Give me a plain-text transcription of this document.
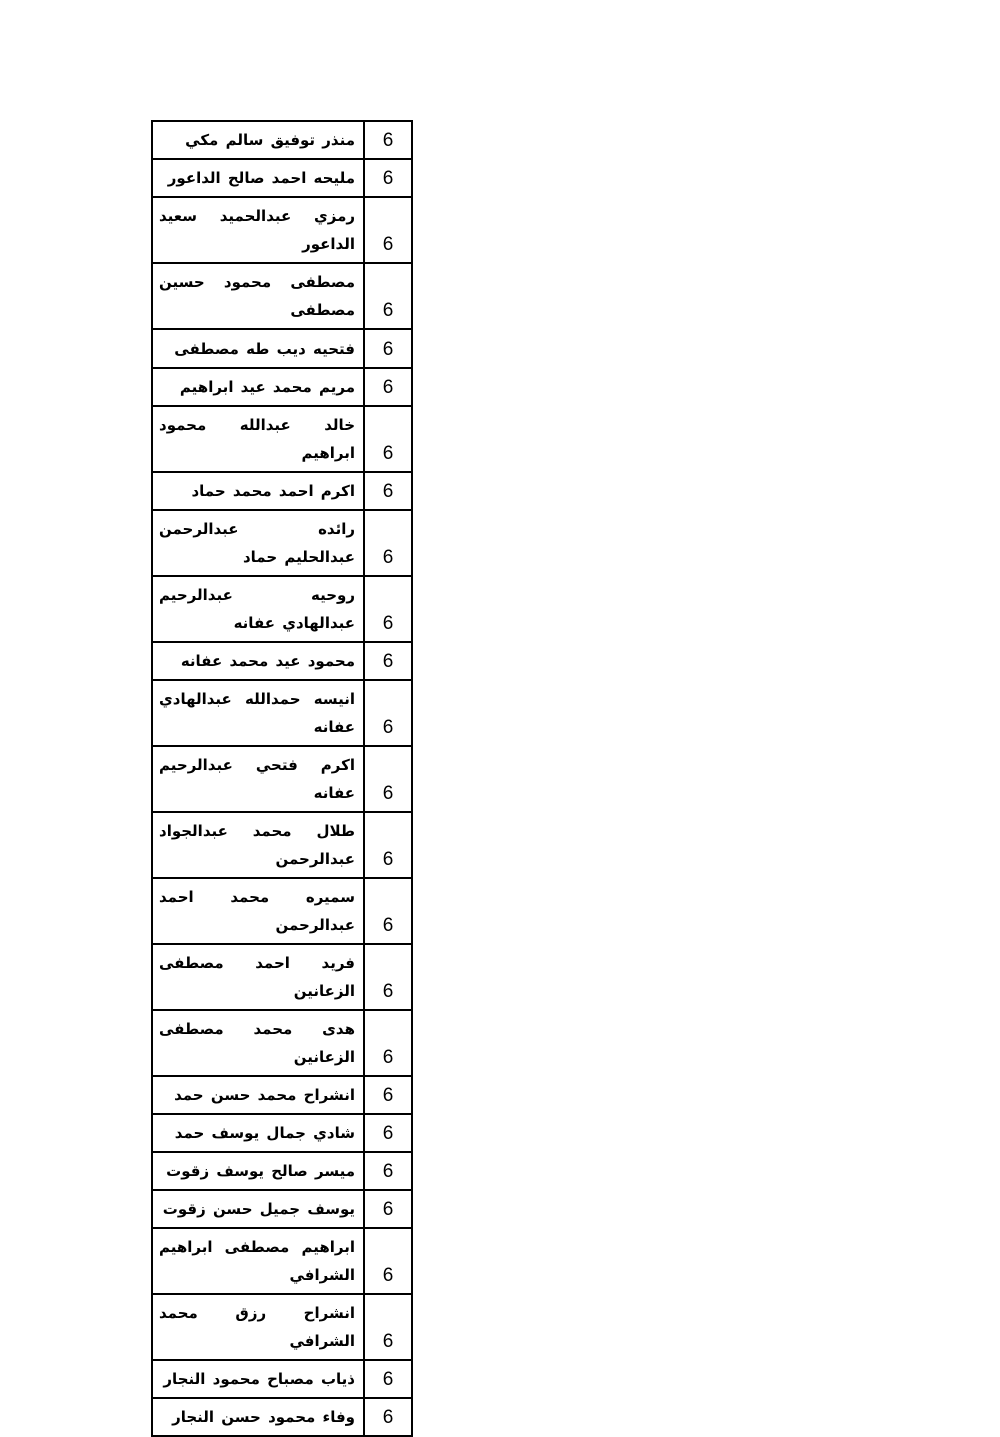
6	منذر توفيق سالم مكي
6	مليحه احمد صالح الداعور
6	رمزي عبدالحميد سعيد الداعور
6	مصطفى محمود حسين مصطفى
6	فتحيه ديب طه مصطفى
6	مريم محمد عيد ابراهيم
6	خالد عبدالله محمود ابراهيم
6	اكرم احمد محمد حماد
6	رائده عبدالرحمن عبدالحليم حماد
6	روحيه عبدالرحيم عبدالهادي عفانه
6	محمود عيد محمد عفانه
6	انيسه حمدالله عبدالهادي عفانه
6	اكرم فتحي عبدالرحيم عفانه
6	طلال محمد عبدالجواد عبدالرحمن
6	سميره محمد احمد عبدالرحمن
6	فريد احمد مصطفى الزعانين
6	هدى محمد مصطفى الزعانين
6	انشراح محمد حسن حمد
6	شادي جمال يوسف حمد
6	ميسر صالح يوسف زقوت
6	يوسف جميل حسن زقوت
6	ابراهيم مصطفى ابراهيم الشرافي
6	انشراح رزق محمد الشرافي
6	ذياب مصباح محمود النجار
6	وفاء محمود حسن النجار
